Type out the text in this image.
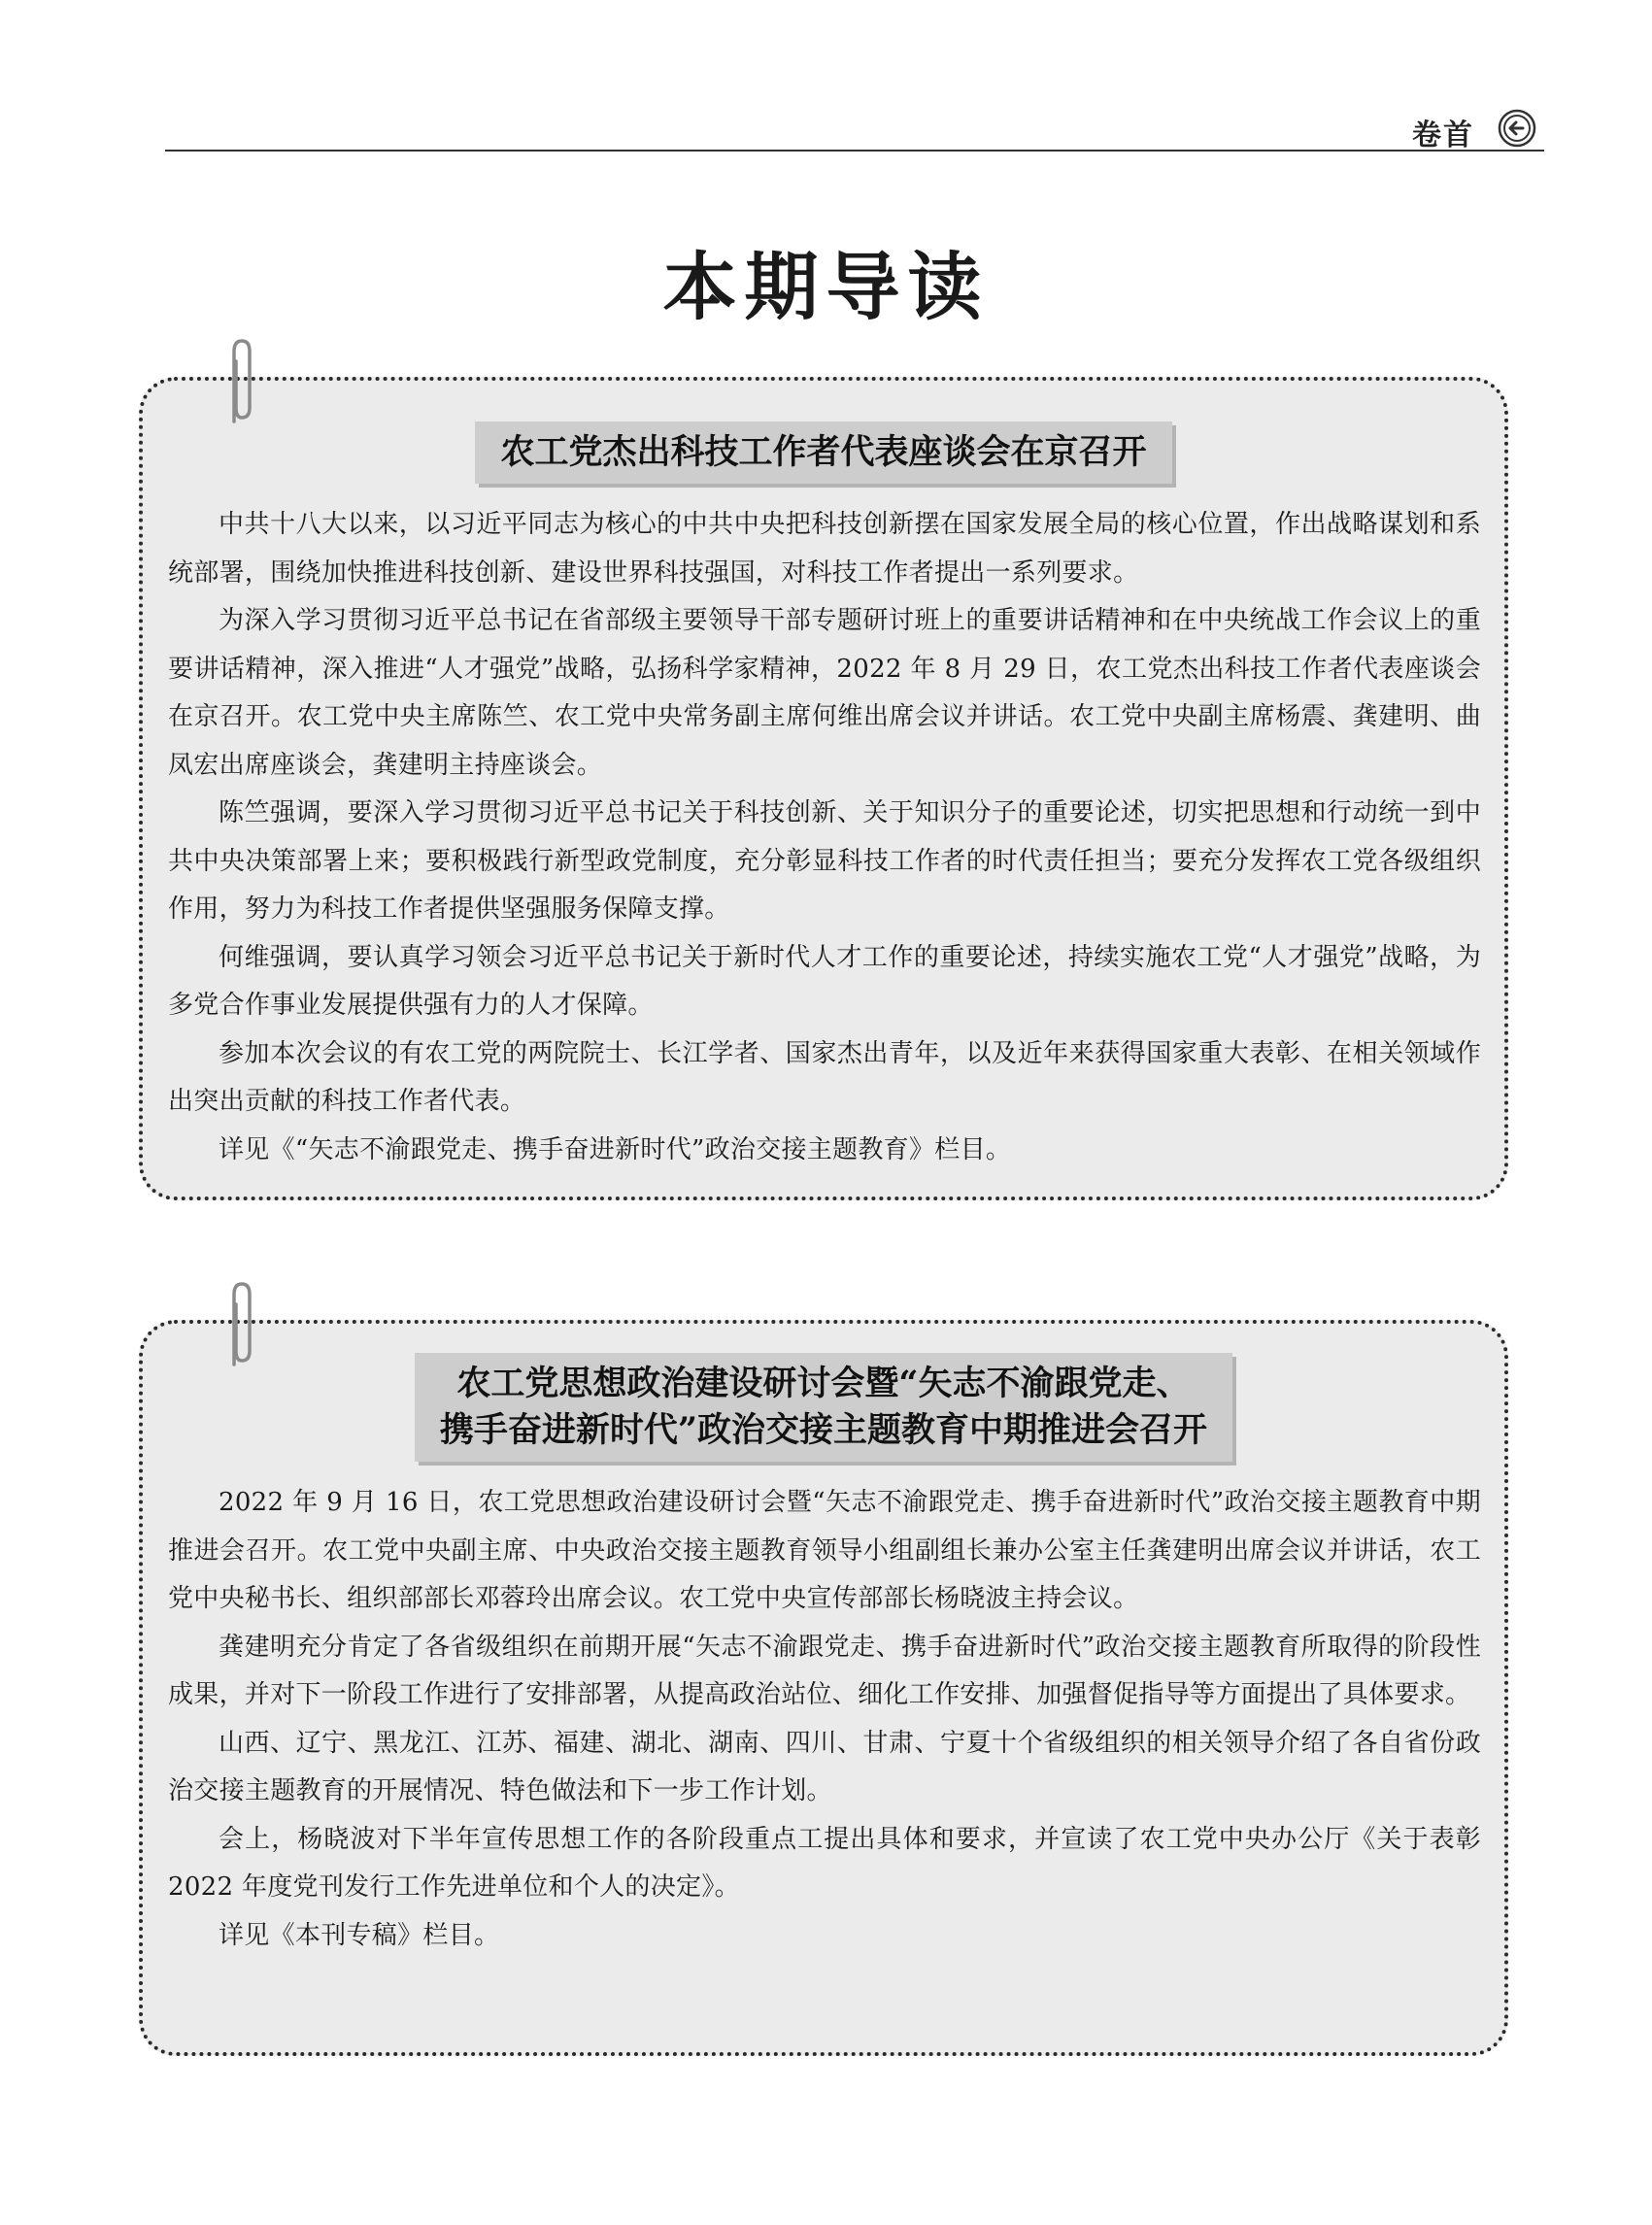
卷首
本期导读
农工党杰出科技工作者代表座谈会在京召开

中共十八大以来，以习近平同志为核心的中共中央把科技创新摆在国家发展全局的核心位置，作出战略谋划和系统部署，围绕加快推进科技创新、建设世界科技强国，对科技工作者提出一系列要求。

为深入学习贯彻习近平总书记在省部级主要领导干部专题研讨班上的重要讲话精神和在中央统战工作会议上的重要讲话精神，深入推进“人才强党”战略，弘扬科学家精神，2022 年 8 月 29 日，农工党杰出科技工作者代表座谈会在京召开。农工党中央主席陈竺、农工党中央常务副主席何维出席会议并讲话。农工党中央副主席杨震、龚建明、曲凤宏出席座谈会，龚建明主持座谈会。

陈竺强调，要深入学习贯彻习近平总书记关于科技创新、关于知识分子的重要论述，切实把思想和行动统一到中共中央决策部署上来；要积极践行新型政党制度，充分彰显科技工作者的时代责任担当；要充分发挥农工党各级组织作用，努力为科技工作者提供坚强服务保障支撑。

何维强调，要认真学习领会习近平总书记关于新时代人才工作的重要论述，持续实施农工党“人才强党”战略，为多党合作事业发展提供强有力的人才保障。

参加本次会议的有农工党的两院院士、长江学者、国家杰出青年，以及近年来获得国家重大表彰、在相关领域作出突出贡献的科技工作者代表。

详见《“矢志不渝跟党走、携手奋进新时代”政治交接主题教育》栏目。

农工党思想政治建设研讨会暨“矢志不渝跟党走、
携手奋进新时代”政治交接主题教育中期推进会召开

2022 年 9 月 16 日，农工党思想政治建设研讨会暨“矢志不渝跟党走、携手奋进新时代”政治交接主题教育中期推进会召开。农工党中央副主席、中央政治交接主题教育领导小组副组长兼办公室主任龚建明出席会议并讲话，农工党中央秘书长、组织部部长邓蓉玲出席会议。农工党中央宣传部部长杨晓波主持会议。

龚建明充分肯定了各省级组织在前期开展“矢志不渝跟党走、携手奋进新时代”政治交接主题教育所取得的阶段性成果，并对下一阶段工作进行了安排部署，从提高政治站位、细化工作安排、加强督促指导等方面提出了具体要求。

山西、辽宁、黑龙江、江苏、福建、湖北、湖南、四川、甘肃、宁夏十个省级组织的相关领导介绍了各自省份政治交接主题教育的开展情况、特色做法和下一步工作计划。

会上，杨晓波对下半年宣传思想工作的各阶段重点工提出具体和要求，并宣读了农工党中央办公厅《关于表彰 2022 年度党刊发行工作先进单位和个人的决定》。

详见《本刊专稿》栏目。
